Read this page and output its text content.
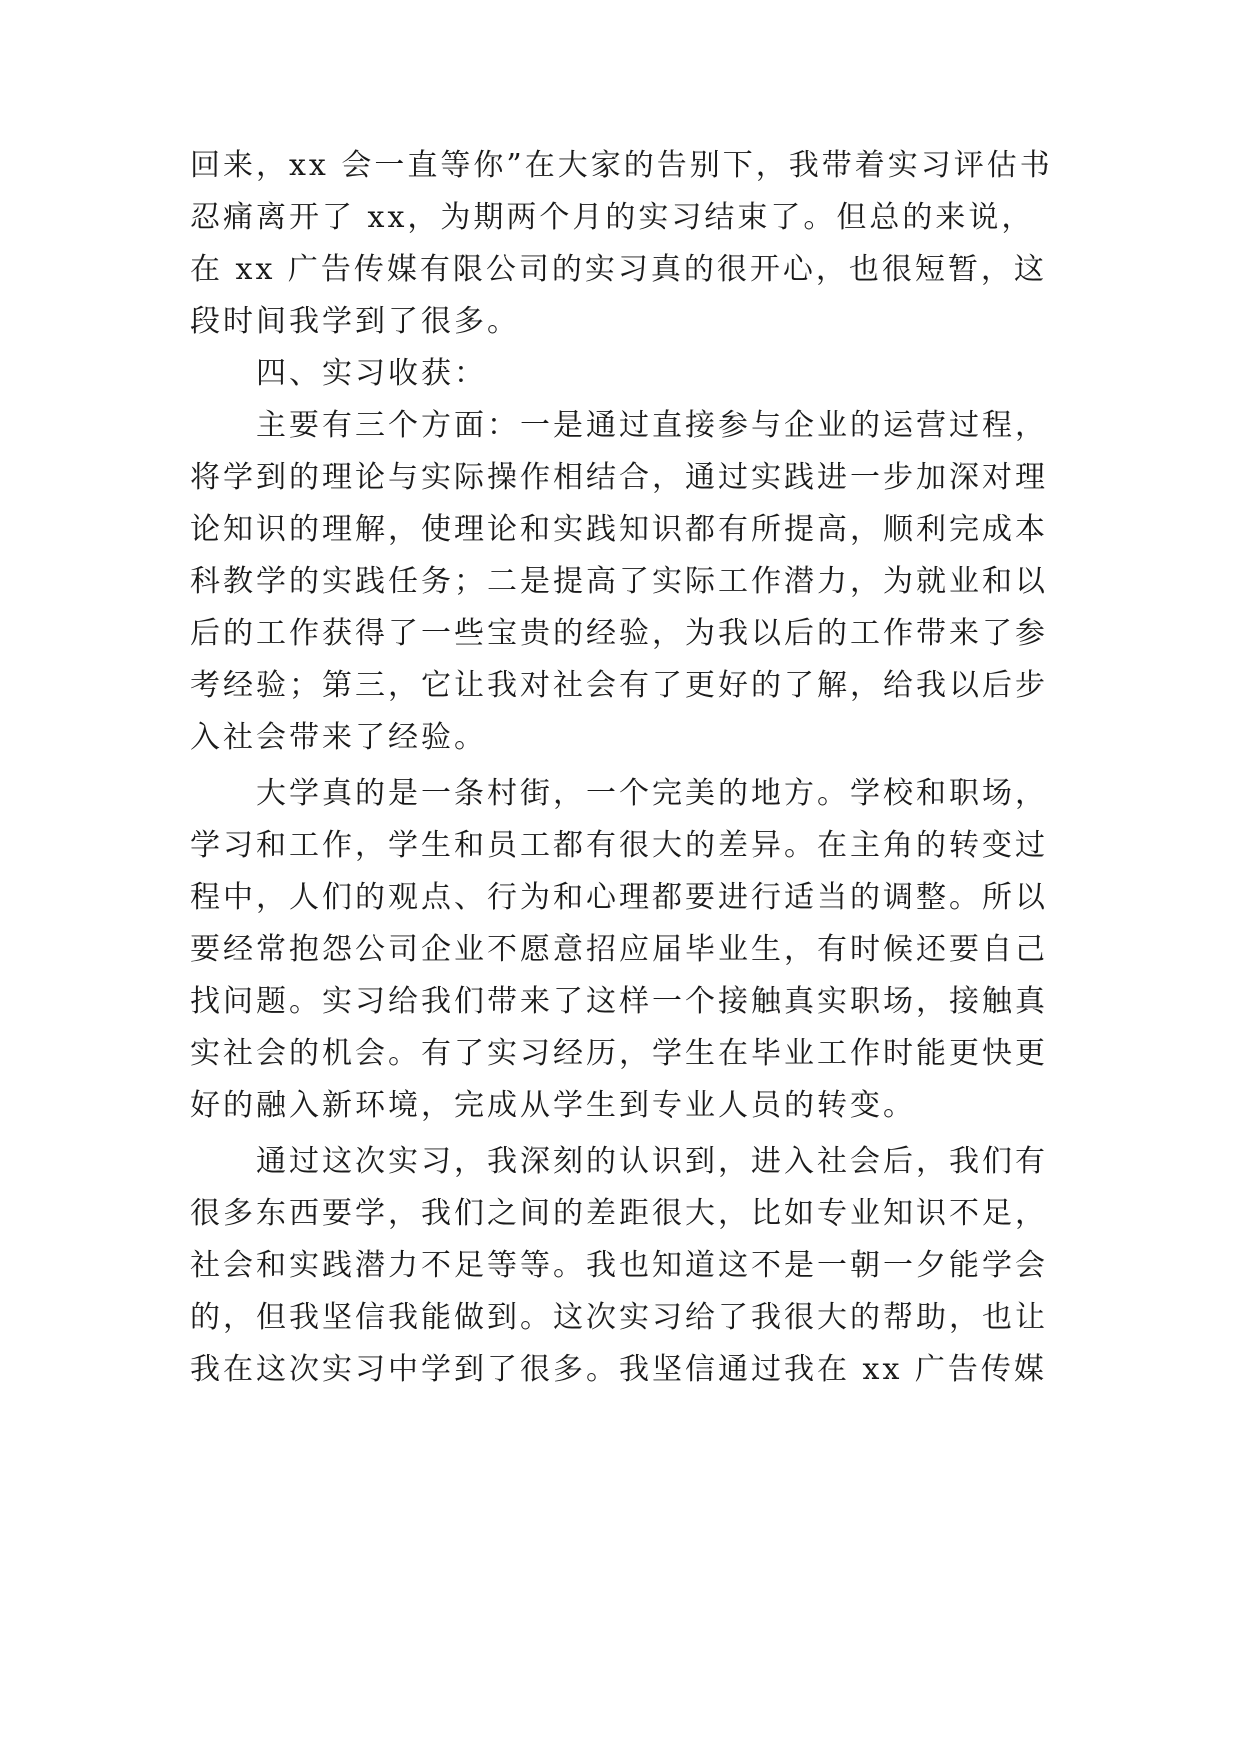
回来，xx 会一直等你”在大家的告别下，我带着实习评估书
忍痛离开了 xx，为期两个月的实习结束了。但总的来说，
在 xx 广告传媒有限公司的实习真的很开心，也很短暂，这
段时间我学到了很多。
四、实习收获：
主要有三个方面：一是通过直接参与企业的运营过程，
将学到的理论与实际操作相结合，通过实践进一步加深对理
论知识的理解，使理论和实践知识都有所提高，顺利完成本
科教学的实践任务；二是提高了实际工作潜力，为就业和以
后的工作获得了一些宝贵的经验，为我以后的工作带来了参
考经验；第三，它让我对社会有了更好的了解，给我以后步
入社会带来了经验。
大学真的是一条村街，一个完美的地方。学校和职场，
学习和工作，学生和员工都有很大的差异。在主角的转变过
程中，人们的观点、行为和心理都要进行适当的调整。所以
要经常抱怨公司企业不愿意招应届毕业生，有时候还要自己
找问题。实习给我们带来了这样一个接触真实职场，接触真
实社会的机会。有了实习经历，学生在毕业工作时能更快更
好的融入新环境，完成从学生到专业人员的转变。
通过这次实习，我深刻的认识到，进入社会后，我们有
很多东西要学，我们之间的差距很大，比如专业知识不足，
社会和实践潜力不足等等。我也知道这不是一朝一夕能学会
的，但我坚信我能做到。这次实习给了我很大的帮助，也让
我在这次实习中学到了很多。我坚信通过我在 xx 广告传媒
